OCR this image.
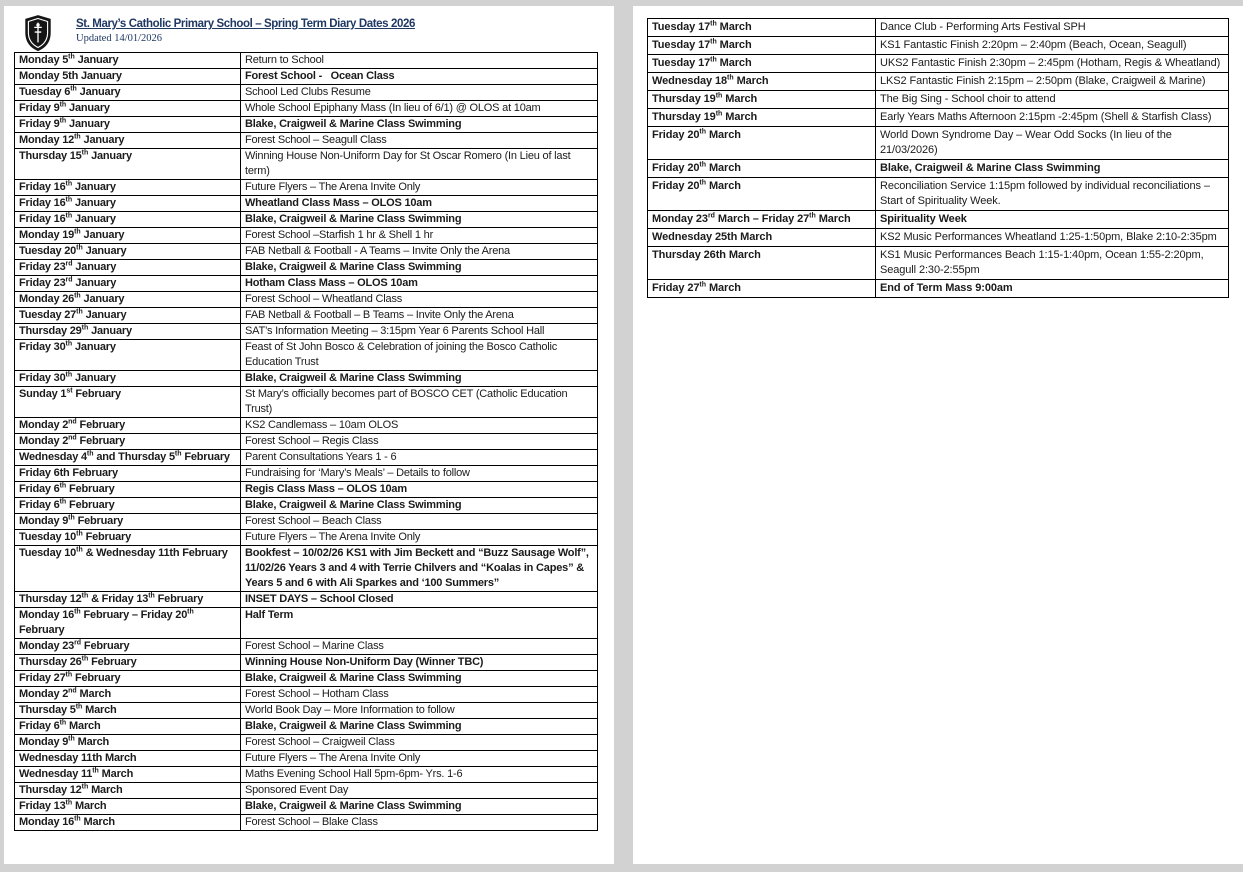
St. Mary’s Catholic Primary School – Spring Term Diary Dates 2026
Updated 14/01/2026
Monday 5th January	Return to School
Monday 5th January	Forest School -   Ocean Class
Tuesday 6th January	School Led Clubs Resume
Friday 9th January	Whole School Epiphany Mass (In lieu of 6/1) @ OLOS at 10am
Friday 9th January	Blake, Craigweil & Marine Class Swimming
Monday 12th January	Forest School – Seagull Class
Thursday 15th January	Winning House Non-Uniform Day for St Oscar Romero (In Lieu of last term)
Friday 16th January	Future Flyers – The Arena Invite Only
Friday 16th January	Wheatland Class Mass – OLOS 10am
Friday 16th January	Blake, Craigweil & Marine Class Swimming
Monday 19th January	Forest School –Starfish 1 hr & Shell 1 hr
Tuesday 20th January	FAB Netball & Football - A Teams – Invite Only the Arena
Friday 23rd January	Blake, Craigweil & Marine Class Swimming
Friday 23rd January	Hotham Class Mass – OLOS 10am
Monday 26th January	Forest School – Wheatland Class
Tuesday 27th January	FAB Netball & Football – B Teams – Invite Only the Arena
Thursday 29th January	SAT’s Information Meeting – 3:15pm Year 6 Parents School Hall
Friday 30th January	Feast of St John Bosco & Celebration of joining the Bosco Catholic Education Trust
Friday 30th January	Blake, Craigweil & Marine Class Swimming
Sunday 1st February	St Mary’s officially becomes part of BOSCO CET (Catholic Education Trust)
Monday 2nd February	KS2 Candlemass – 10am OLOS
Monday 2nd February	Forest School – Regis Class
Wednesday 4th and Thursday 5th February	Parent Consultations Years 1 - 6
Friday 6th February	Fundraising for ‘Mary’s Meals’ – Details to follow
Friday 6th February	Regis Class Mass – OLOS 10am
Friday 6th February	Blake, Craigweil & Marine Class Swimming
Monday 9th February	Forest School – Beach Class
Tuesday 10th February	Future Flyers – The Arena Invite Only
Tuesday 10th & Wednesday 11th February	Bookfest – 10/02/26 KS1 with Jim Beckett and “Buzz Sausage Wolf”, 11/02/26 Years 3 and 4 with Terrie Chilvers and “Koalas in Capes” & Years 5 and 6 with Ali Sparkes and ‘100 Summers”
Thursday 12th & Friday 13th February	INSET DAYS – School Closed
Monday 16th February – Friday 20th February	Half Term
Monday 23rd February	Forest School – Marine Class
Thursday 26th February	Winning House Non-Uniform Day (Winner TBC)
Friday 27th February	Blake, Craigweil & Marine Class Swimming
Monday 2nd March	Forest School – Hotham Class
Thursday 5th March	World Book Day – More Information to follow
Friday 6th March	Blake, Craigweil & Marine Class Swimming
Monday 9th March	Forest School – Craigweil Class
Wednesday 11th March	Future Flyers – The Arena Invite Only
Wednesday 11th March	Maths Evening School Hall 5pm-6pm- Yrs. 1-6
Thursday 12th March	Sponsored Event Day
Friday 13th March	Blake, Craigweil & Marine Class Swimming
Monday 16th March	Forest School – Blake Class
Tuesday 17th March	Dance Club - Performing Arts Festival SPH
Tuesday 17th March	KS1 Fantastic Finish 2:20pm – 2:40pm (Beach, Ocean, Seagull)
Tuesday 17th March	UKS2 Fantastic Finish 2:30pm – 2:45pm (Hotham, Regis & Wheatland)
Wednesday 18th March	LKS2 Fantastic Finish 2:15pm – 2:50pm (Blake, Craigweil & Marine)
Thursday 19th March	The Big Sing - School choir to attend
Thursday 19th March	Early Years Maths Afternoon 2:15pm -2:45pm (Shell & Starfish Class)
Friday 20th March	World Down Syndrome Day – Wear Odd Socks (In lieu of the 21/03/2026)
Friday 20th March	Blake, Craigweil & Marine Class Swimming
Friday 20th March	Reconciliation Service 1:15pm followed by individual reconciliations – Start of Spirituality Week.
Monday 23rd March – Friday 27th March	Spirituality Week
Wednesday 25th March	KS2 Music Performances Wheatland 1:25-1:50pm, Blake 2:10-2:35pm
Thursday 26th March	KS1 Music Performances Beach 1:15-1:40pm, Ocean 1:55-2:20pm, Seagull 2:30-2:55pm
Friday 27th March	End of Term Mass 9:00am
